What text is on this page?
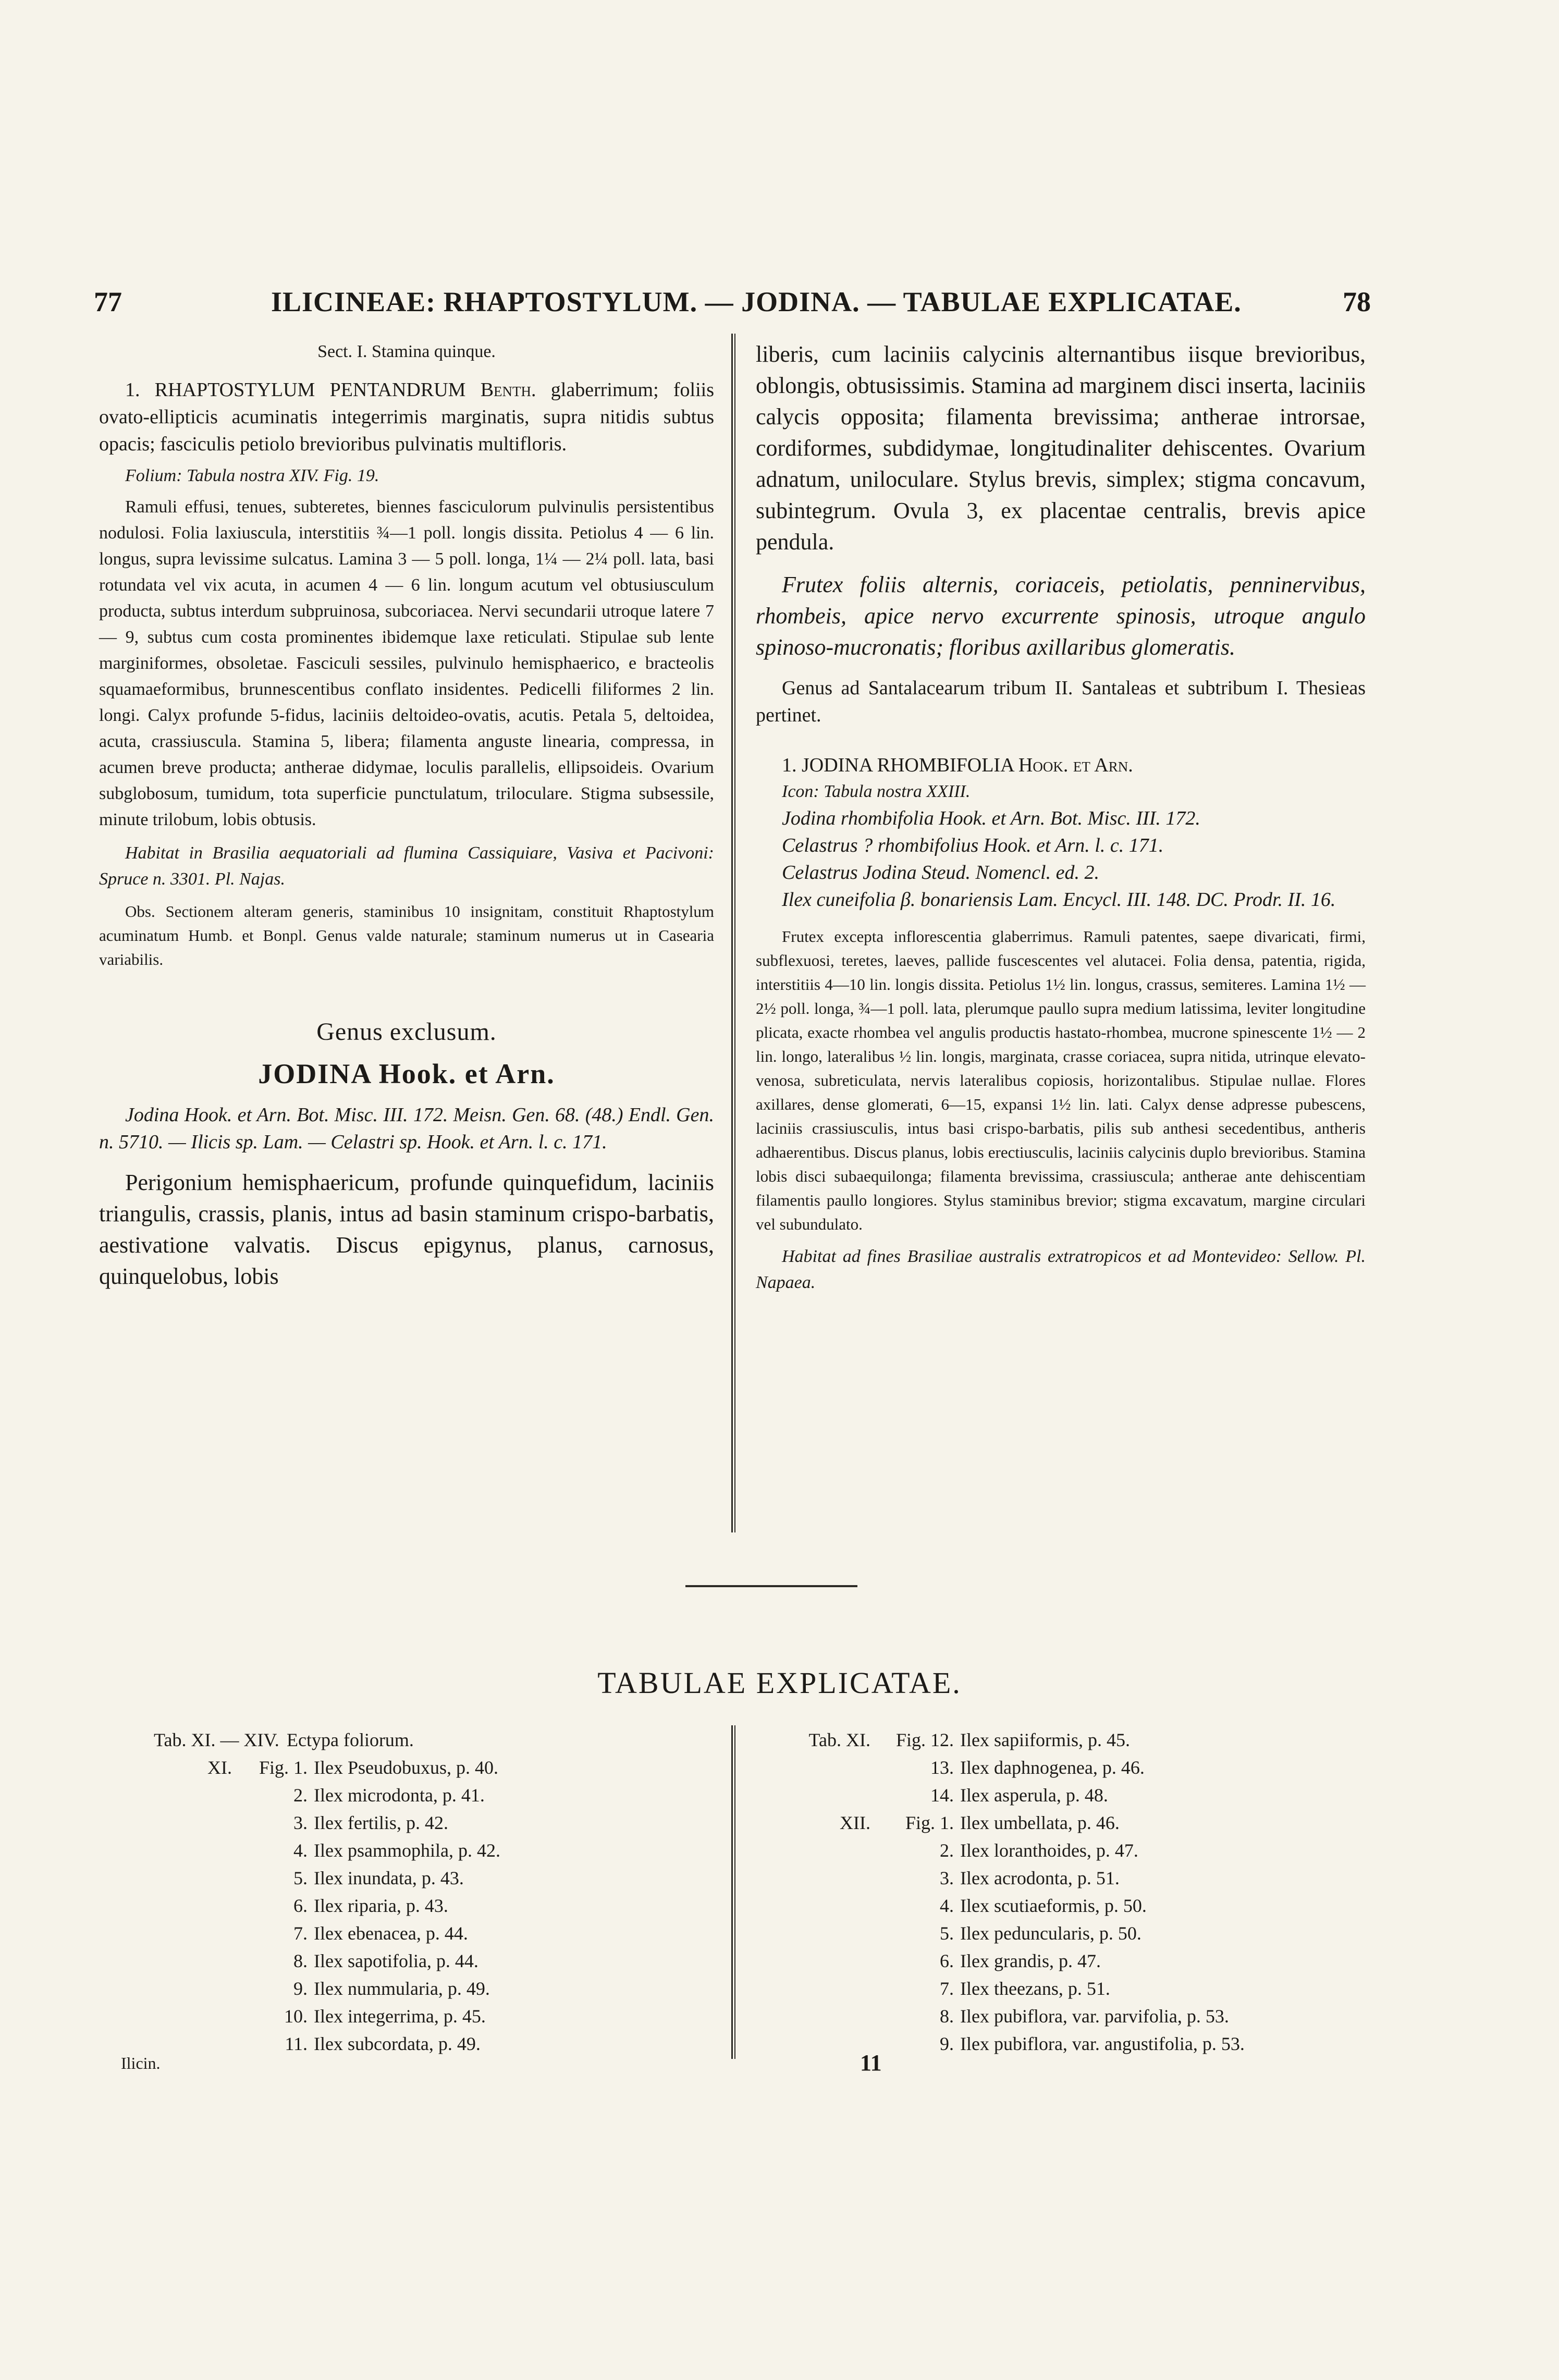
77	ILICINEAE: RHAPTOSTYLUM. — JODINA. — TABULAE EXPLICATAE.	78

Sect. I. Stamina quinque.

1. RHAPTOSTYLUM PENTANDRUM Benth. glaberrimum; foliis ovato-ellipticis acuminatis integerrimis marginatis, supra nitidis subtus opacis; fasciculis petiolo brevioribus pulvinatis multifloris.

Folium: Tabula nostra XIV. Fig. 19.

Ramuli effusi, tenues, subteretes, biennes fasciculorum pulvinulis persistentibus nodulosi. Folia laxiuscula, interstitiis ¾—1 poll. longis dissita. Petiolus 4 — 6 lin. longus, supra levissime sulcatus. Lamina 3 — 5 poll. longa, 1¼ — 2¼ poll. lata, basi rotundata vel vix acuta, in acumen 4 — 6 lin. longum acutum vel obtusiusculum producta, subtus interdum subpruinosa, subcoriacea. Nervi secundarii utroque latere 7 — 9, subtus cum costa prominentes ibidemque laxe reticulati. Stipulae sub lente marginiformes, obsoletae. Fasciculi sessiles, pulvinulo hemisphaerico, e bracteolis squamaeformibus, brunnescentibus conflato insidentes. Pedicelli filiformes 2 lin. longi. Calyx profunde 5-fidus, laciniis deltoideo-ovatis, acutis. Petala 5, deltoidea, acuta, crassiuscula. Stamina 5, libera; filamenta anguste linearia, compressa, in acumen breve producta; antherae didymae, loculis parallelis, ellipsoideis. Ovarium subglobosum, tumidum, tota superficie punctulatum, triloculare. Stigma subsessile, minute trilobum, lobis obtusis.

Habitat in Brasilia aequatoriali ad flumina Cassiquiare, Vasiva et Pacivoni: Spruce n. 3301. Pl. Najas.

Obs. Sectionem alteram generis, staminibus 10 insignitam, constituit Rhaptostylum acuminatum Humb. et Bonpl. Genus valde naturale; staminum numerus ut in Casearia variabilis.

Genus exclusum.

JODINA Hook. et Arn.

Jodina Hook. et Arn. Bot. Misc. III. 172. Meisn. Gen. 68. (48.) Endl. Gen. n. 5710. — Ilicis sp. Lam. — Celastri sp. Hook. et Arn. l. c. 171.

Perigonium hemisphaericum, profunde quinquefidum, laciniis triangulis, crassis, planis, intus ad basin staminum crispo-barbatis, aestivatione valvatis. Discus epigynus, planus, carnosus, quinquelobus, lobis

liberis, cum laciniis calycinis alternantibus iisque brevioribus, oblongis, obtusissimis. Stamina ad marginem disci inserta, laciniis calycis opposita; filamenta brevissima; antherae introrsae, cordiformes, subdidymae, longitudinaliter dehiscentes. Ovarium adnatum, uniloculare. Stylus brevis, simplex; stigma concavum, subintegrum. Ovula 3, ex placentae centralis, brevis apice pendula.

Frutex foliis alternis, coriaceis, petiolatis, penninervibus, rhombeis, apice nervo excurrente spinosis, utroque angulo spinoso-mucronatis; floribus axillaribus glomeratis.

Genus ad Santalacearum tribum II. Santaleas et subtribum I. Thesieas pertinet.

1. JODINA RHOMBIFOLIA Hook. et Arn.

Icon: Tabula nostra XXIII.

Jodina rhombifolia Hook. et Arn. Bot. Misc. III. 172.

Celastrus ? rhombifolius Hook. et Arn. l. c. 171.

Celastrus Jodina Steud. Nomencl. ed. 2.

Ilex cuneifolia β. bonariensis Lam. Encycl. III. 148. DC. Prodr. II. 16.

Frutex excepta inflorescentia glaberrimus. Ramuli patentes, saepe divaricati, firmi, subflexuosi, teretes, laeves, pallide fuscescentes vel alutacei. Folia densa, patentia, rigida, interstitiis 4—10 lin. longis dissita. Petiolus 1½ lin. longus, crassus, semiteres. Lamina 1½ — 2½ poll. longa, ¾—1 poll. lata, plerumque paullo supra medium latissima, leviter longitudine plicata, exacte rhombea vel angulis productis hastato-rhombea, mucrone spinescente 1½ — 2 lin. longo, lateralibus ½ lin. longis, marginata, crasse coriacea, supra nitida, utrinque elevato-venosa, subreticulata, nervis lateralibus copiosis, horizontalibus. Stipulae nullae. Flores axillares, dense glomerati, 6—15, expansi 1½ lin. lati. Calyx dense adpresse pubescens, laciniis crassiusculis, intus basi crispo-barbatis, pilis sub anthesi secedentibus, antheris adhaerentibus. Discus planus, lobis erectiusculis, laciniis calycinis duplo brevioribus. Stamina lobis disci subaequilonga; filamenta brevissima, crassiuscula; antherae ante dehiscentiam filamentis paullo longiores. Stylus staminibus brevior; stigma excavatum, margine circulari vel subundulato.

Habitat ad fines Brasiliae australis extratropicos et ad Montevideo: Sellow. Pl. Napaea.

TABULAE EXPLICATAE.
Tab. XI. — XIV. Ectypa foliorum.
XI.	Fig. 1. Ilex Pseudobuxus, p. 40.
2. Ilex microdonta, p. 41.
3. Ilex fertilis, p. 42.
4. Ilex psammophila, p. 42.
5. Ilex inundata, p. 43.
6. Ilex riparia, p. 43.
7. Ilex ebenacea, p. 44.
8. Ilex sapotifolia, p. 44.
9. Ilex nummularia, p. 49.
10. Ilex integerrima, p. 45.
11. Ilex subcordata, p. 49.
Tab. XI.	Fig. 12. Ilex sapiiformis, p. 45.
13. Ilex daphnogenea, p. 46.
14. Ilex asperula, p. 48.
XII.	Fig. 1. Ilex umbellata, p. 46.
2. Ilex loranthoides, p. 47.
3. Ilex acrodonta, p. 51.
4. Ilex scutiaeformis, p. 50.
5. Ilex peduncularis, p. 50.
6. Ilex grandis, p. 47.
7. Ilex theezans, p. 51.
8. Ilex pubiflora, var. parvifolia, p. 53.
9. Ilex pubiflora, var. angustifolia, p. 53.
Ilicin.	11
